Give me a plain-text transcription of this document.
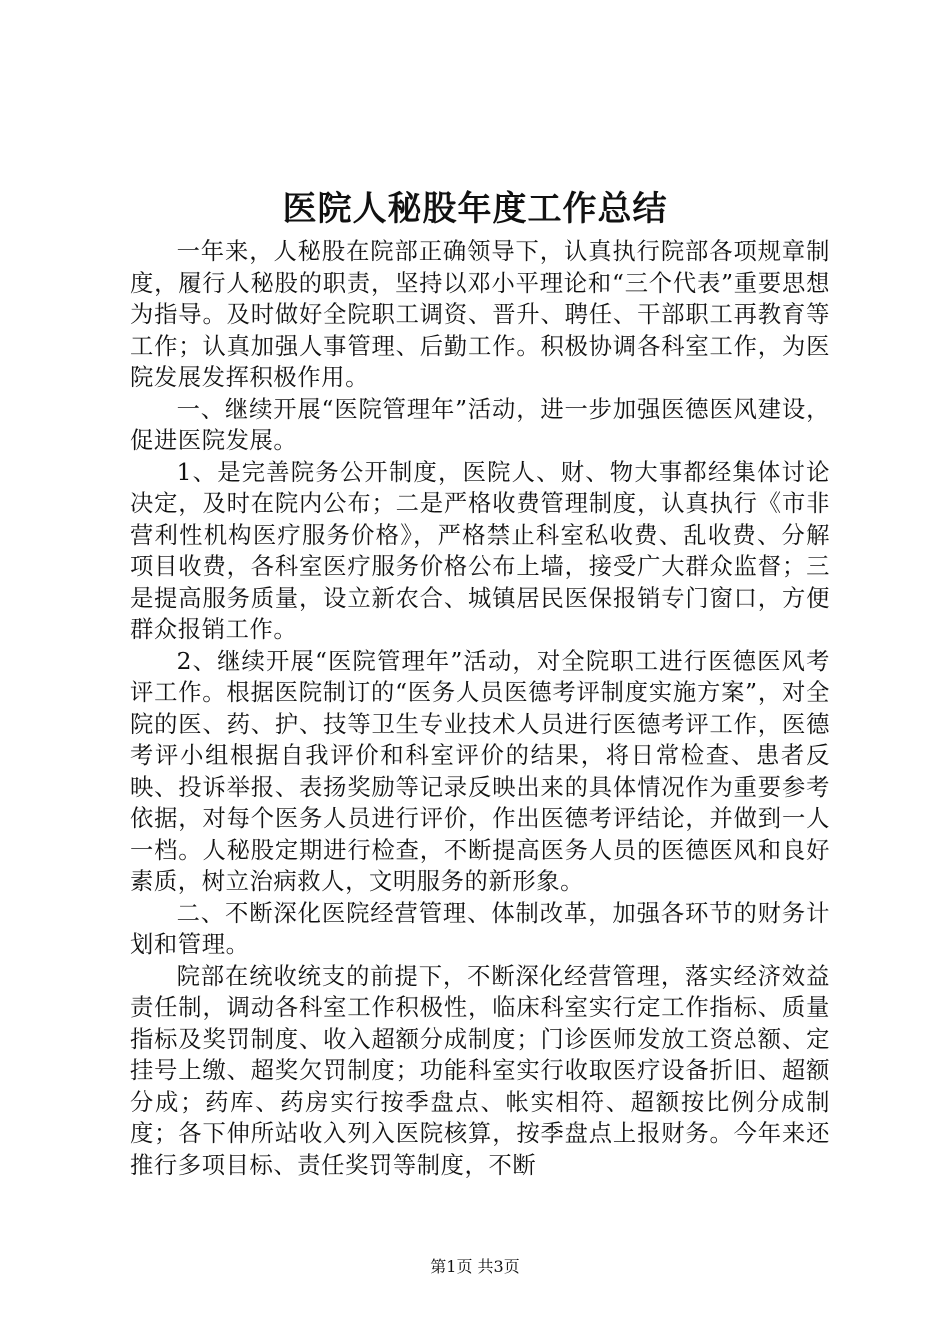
医院人秘股年度工作总结

一年来，人秘股在院部正确领导下，认真执行院部各项规章制度，履行人秘股的职责，坚持以邓小平理论和“三个代表”重要思想为指导。及时做好全院职工调资、晋升、聘任、干部职工再教育等工作；认真加强人事管理、后勤工作。积极协调各科室工作，为医院发展发挥积极作用。

一、继续开展“医院管理年”活动，进一步加强医德医风建设，促进医院发展。

1、是完善院务公开制度，医院人、财、物大事都经集体讨论决定，及时在院内公布；二是严格收费管理制度，认真执行《市非营利性机构医疗服务价格》，严格禁止科室私收费、乱收费、分解项目收费，各科室医疗服务价格公布上墙，接受广大群众监督；三是提高服务质量，设立新农合、城镇居民医保报销专门窗口，方便群众报销工作。

2、继续开展“医院管理年”活动，对全院职工进行医德医风考评工作。根据医院制订的“医务人员医德考评制度实施方案”，对全院的医、药、护、技等卫生专业技术人员进行医德考评工作，医德考评小组根据自我评价和科室评价的结果，将日常检查、患者反映、投诉举报、表扬奖励等记录反映出来的具体情况作为重要参考依据，对每个医务人员进行评价，作出医德考评结论，并做到一人一档。人秘股定期进行检查，不断提高医务人员的医德医风和良好素质，树立治病救人，文明服务的新形象。

二、不断深化医院经营管理、体制改革，加强各环节的财务计划和管理。

院部在统收统支的前提下，不断深化经营管理，落实经济效益责任制，调动各科室工作积极性，临床科室实行定工作指标、质量指标及奖罚制度、收入超额分成制度；门诊医师发放工资总额、定挂号上缴、超奖欠罚制度；功能科室实行收取医疗设备折旧、超额分成；药库、药房实行按季盘点、帐实相符、超额按比例分成制度；各下伸所站收入列入医院核算，按季盘点上报财务。今年来还推行多项目标、责任奖罚等制度，不断

第1页 共3页
